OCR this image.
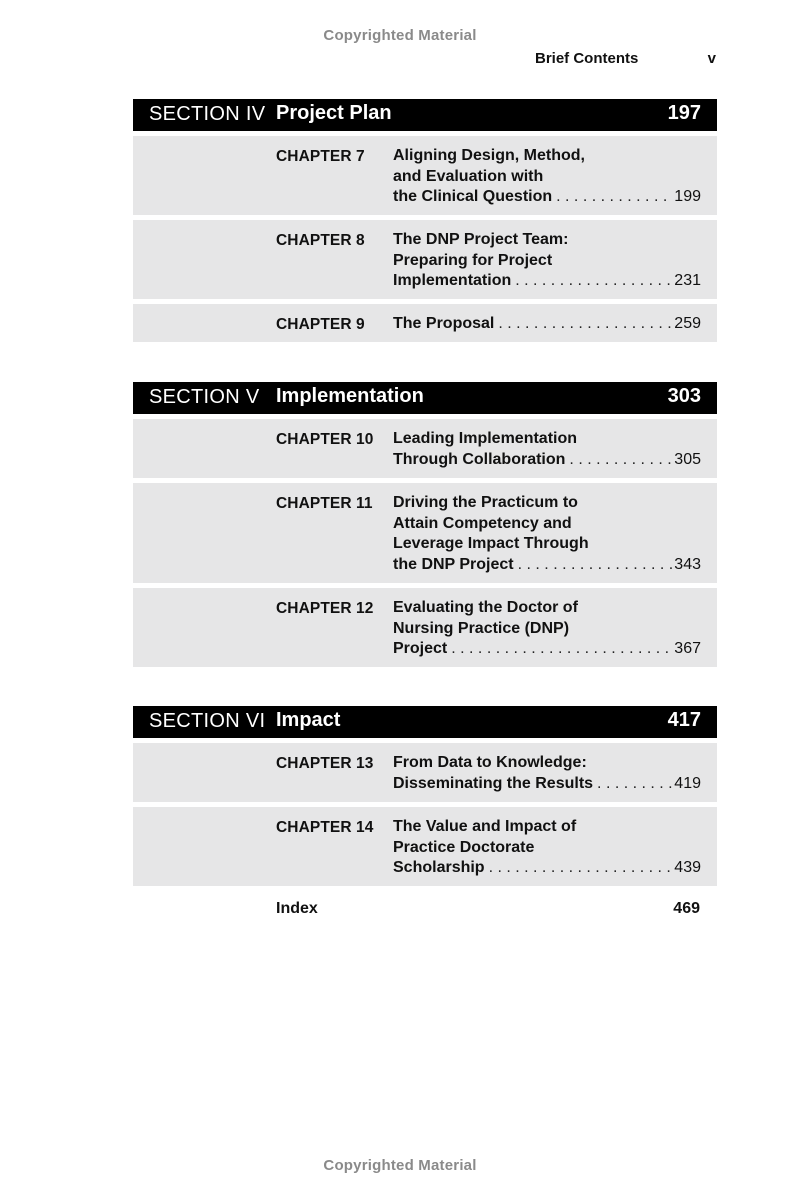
Copyrighted Material
Brief Contents	v
SECTION IV Project Plan	197
CHAPTER 7 Aligning Design, Method,
and Evaluation with
the Clinical Question . . .	199
CHAPTER 8 The DNP Project Team:
Preparing for Project
Implementation . . .	231
CHAPTER 9 The Proposal . . .	259
SECTION V Implementation	303
CHAPTER 10 Leading Implementation
Through Collaboration . . .	305
CHAPTER 11 Driving the Practicum to
Attain Competency and
Leverage Impact Through
the DNP Project . . .	343
CHAPTER 12 Evaluating the Doctor of
Nursing Practice (DNP)
Project . . .	367
SECTION VI Impact	417
CHAPTER 13 From Data to Knowledge:
Disseminating the Results . . .	419
CHAPTER 14 The Value and Impact of
Practice Doctorate
Scholarship . . .	439
Index	469
Copyrighted Material
